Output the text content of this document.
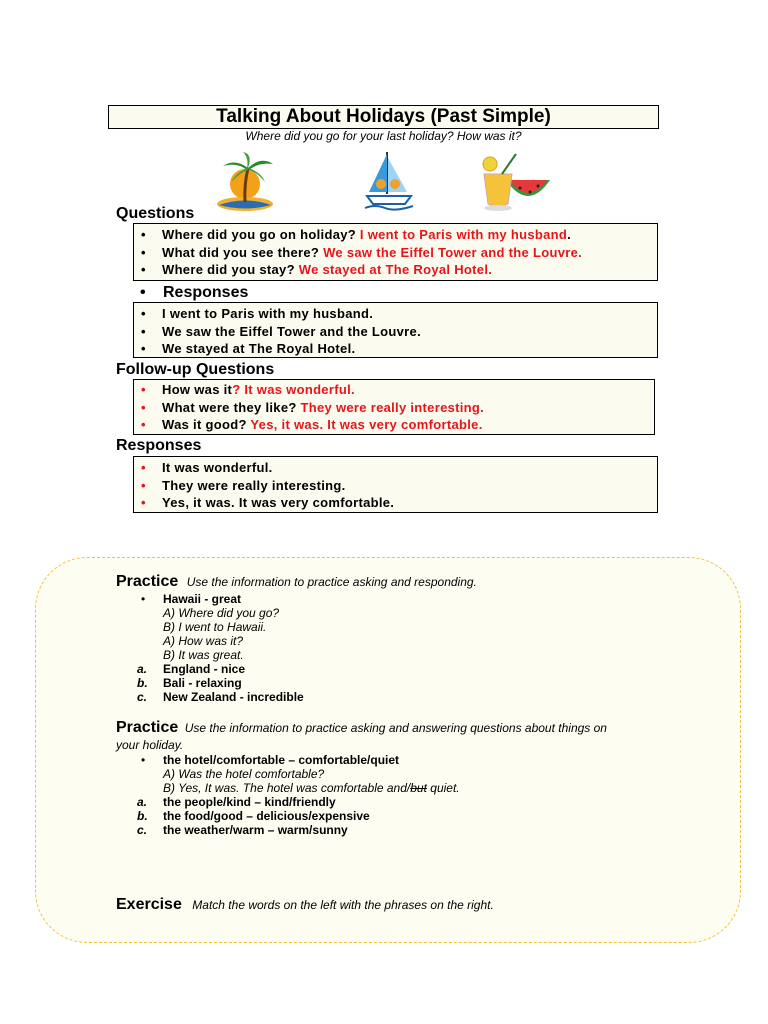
Talking About Holidays (Past Simple)
Where did you go for your last holiday? How was it?
Questions
• Where did you go on holiday? I went to Paris with my husband.
• What did you see there? We saw the Eiffel Tower and the Louvre.
• Where did you stay? We stayed at The Royal Hotel.
• Responses
• I went to Paris with my husband.
• We saw the Eiffel Tower and the Louvre.
• We stayed at The Royal Hotel.
Follow-up Questions
• How was it? It was wonderful.
• What were they like? They were really interesting.
• Was it good? Yes, it was. It was very comfortable.
Responses
• It was wonderful.
• They were really interesting.
• Yes, it was. It was very comfortable.
Practice Use the information to practice asking and responding.
• Hawaii - great
A) Where did you go?
B) I went to Hawaii.
A) How was it?
B) It was great.
a. England - nice
b. Bali - relaxing
c. New Zealand - incredible
Practice Use the information to practice asking and answering questions about things on
your holiday.
• the hotel/comfortable – comfortable/quiet
A) Was the hotel comfortable?
B) Yes, It was. The hotel was comfortable and/but quiet.
a. the people/kind – kind/friendly
b. the food/good – delicious/expensive
c. the weather/warm – warm/sunny
Exercise Match the words on the left with the phrases on the right.
